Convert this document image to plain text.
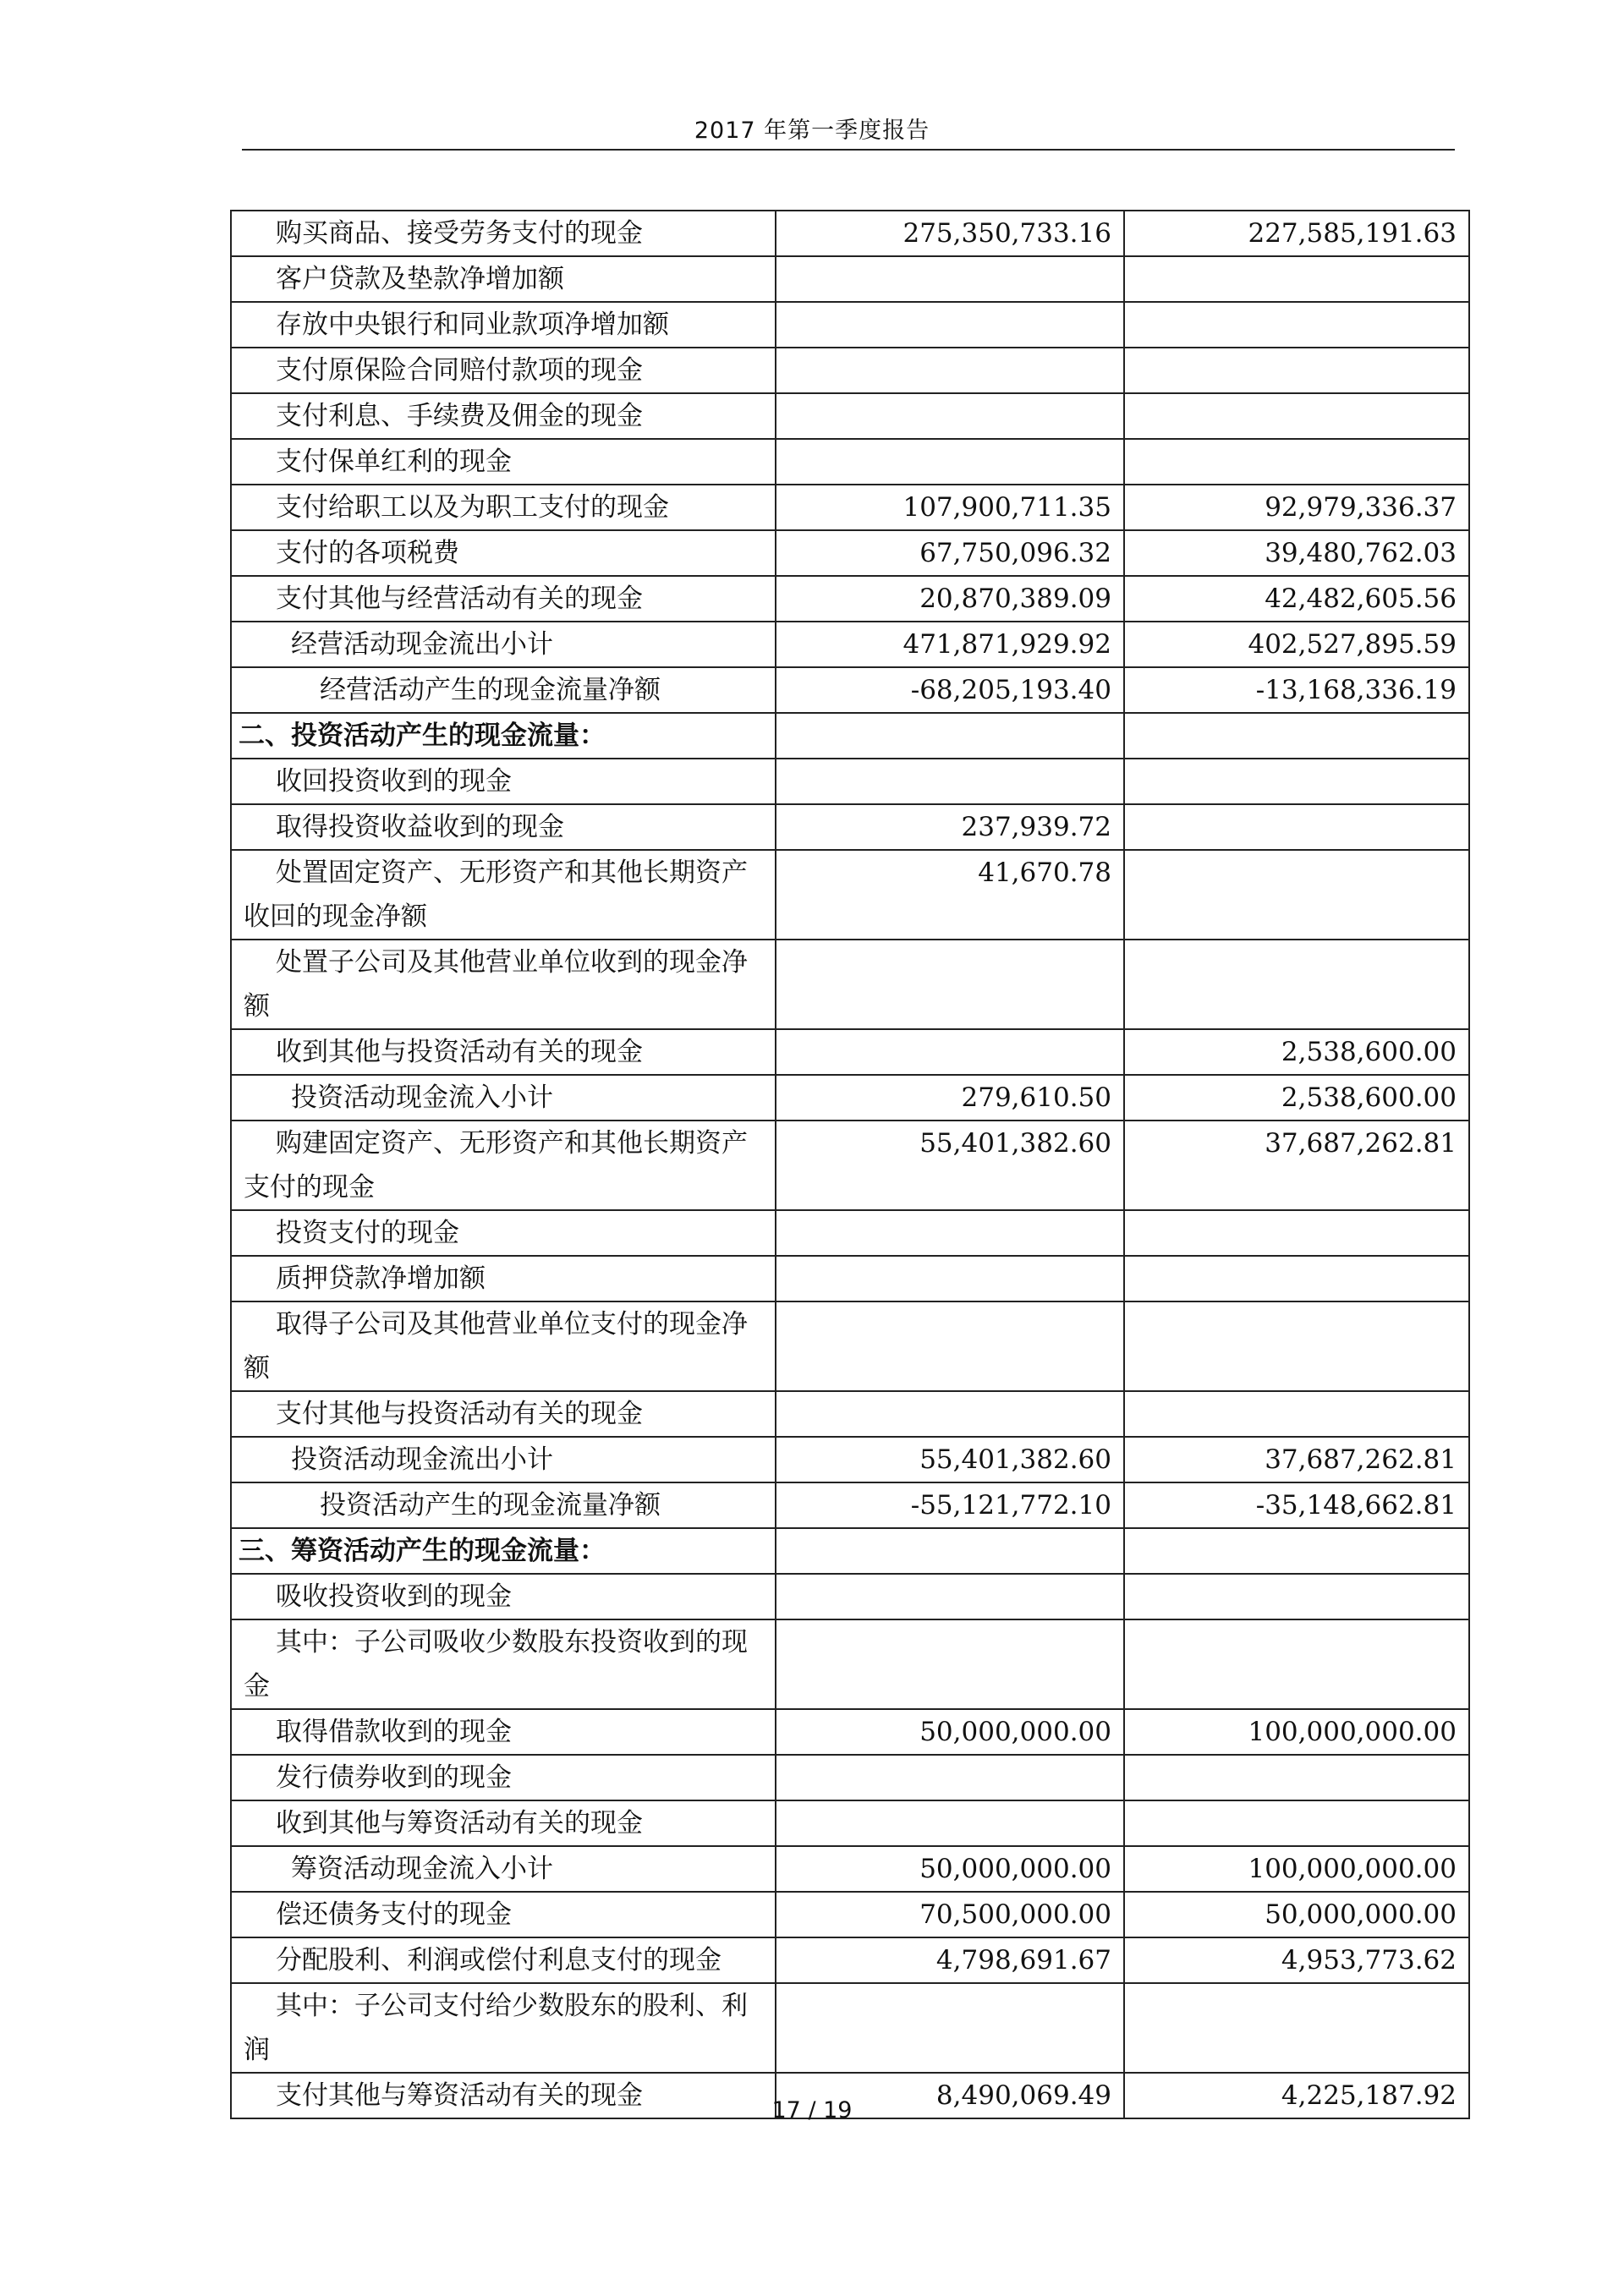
2017 年第一季度报告
购买商品、接受劳务支付的现金	275,350,733.16	227,585,191.63
客户贷款及垫款净增加额		
存放中央银行和同业款项净增加额		
支付原保险合同赔付款项的现金		
支付利息、手续费及佣金的现金		
支付保单红利的现金		
支付给职工以及为职工支付的现金	107,900,711.35	92,979,336.37
支付的各项税费	67,750,096.32	39,480,762.03
支付其他与经营活动有关的现金	20,870,389.09	42,482,605.56
经营活动现金流出小计	471,871,929.92	402,527,895.59
经营活动产生的现金流量净额	-68,205,193.40	-13,168,336.19
二、投资活动产生的现金流量：		
收回投资收到的现金		
取得投资收益收到的现金	237,939.72	
处置固定资产、无形资产和其他长期资产收回的现金净额	41,670.78	
处置子公司及其他营业单位收到的现金净额		
收到其他与投资活动有关的现金		2,538,600.00
投资活动现金流入小计	279,610.50	2,538,600.00
购建固定资产、无形资产和其他长期资产支付的现金	55,401,382.60	37,687,262.81
投资支付的现金		
质押贷款净增加额		
取得子公司及其他营业单位支付的现金净额		
支付其他与投资活动有关的现金		
投资活动现金流出小计	55,401,382.60	37,687,262.81
投资活动产生的现金流量净额	-55,121,772.10	-35,148,662.81
三、筹资活动产生的现金流量：		
吸收投资收到的现金		
其中：子公司吸收少数股东投资收到的现金		
取得借款收到的现金	50,000,000.00	100,000,000.00
发行债券收到的现金		
收到其他与筹资活动有关的现金		
筹资活动现金流入小计	50,000,000.00	100,000,000.00
偿还债务支付的现金	70,500,000.00	50,000,000.00
分配股利、利润或偿付利息支付的现金	4,798,691.67	4,953,773.62
其中：子公司支付给少数股东的股利、利润		
支付其他与筹资活动有关的现金	8,490,069.49	4,225,187.92
17 / 19
